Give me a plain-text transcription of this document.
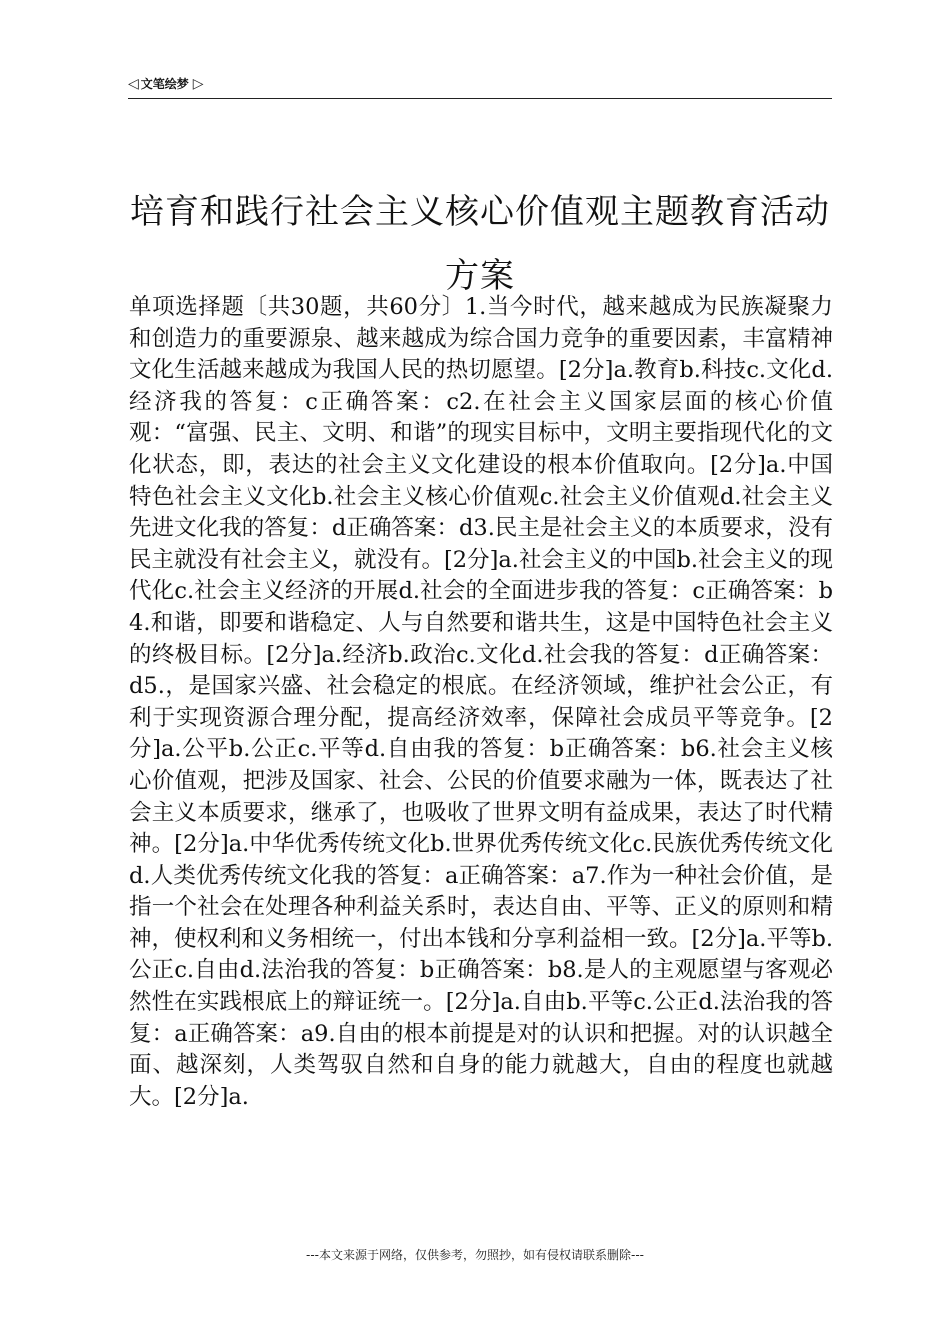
◁ 文笔绘梦 ▷
培育和践行社会主义核心价值观主题教育活动方案

单项选择题〔共30题，共60分〕1.当今时代，越来越成为民族凝聚力和创造力的重要源泉、越来越成为综合国力竞争的重要因素，丰富精神文化生活越来越成为我国人民的热切愿望。[2分]a.教育b.科技c.文化d.经济我的答复：c正确答案：c2.在社会主义国家层面的核心价值观：“富强、民主、文明、和谐”的现实目标中，文明主要指现代化的文化状态，即，表达的社会主义文化建设的根本价值取向。[2分]a.中国特色社会主义文化b.社会主义核心价值观c.社会主义价值观d.社会主义先进文化我的答复：d正确答案：d3.民主是社会主义的本质要求，没有民主就没有社会主义，就没有。[2分]a.社会主义的中国b.社会主义的现代化c.社会主义经济的开展d.社会的全面进步我的答复：c正确答案：b4.和谐，即要和谐稳定、人与自然要和谐共生，这是中国特色社会主义的终极目标。[2分]a.经济b.政治c.文化d.社会我的答复：d正确答案：d5.，是国家兴盛、社会稳定的根底。在经济领域，维护社会公正，有利于实现资源合理分配，提高经济效率，保障社会成员平等竞争。[2分]a.公平b.公正c.平等d.自由我的答复：b正确答案：b6.社会主义核心价值观，把涉及国家、社会、公民的价值要求融为一体，既表达了社会主义本质要求，继承了，也吸收了世界文明有益成果，表达了时代精神。[2分]a.中华优秀传统文化b.世界优秀传统文化c.民族优秀传统文化d.人类优秀传统文化我的答复：a正确答案：a7.作为一种社会价值，是指一个社会在处理各种利益关系时，表达自由、平等、正义的原则和精神，使权利和义务相统一，付出本钱和分享利益相一致。[2分]a.平等b.公正c.自由d.法治我的答复：b正确答案：b8.是人的主观愿望与客观必然性在实践根底上的辩证统一。[2分]a.自由b.平等c.公正d.法治我的答复：a正确答案：a9.自由的根本前提是对的认识和把握。对的认识越全面、越深刻，人类驾驭自然和自身的能力就越大，自由的程度也就越大。[2分]a.

---本文来源于网络，仅供参考，勿照抄，如有侵权请联系删除---
